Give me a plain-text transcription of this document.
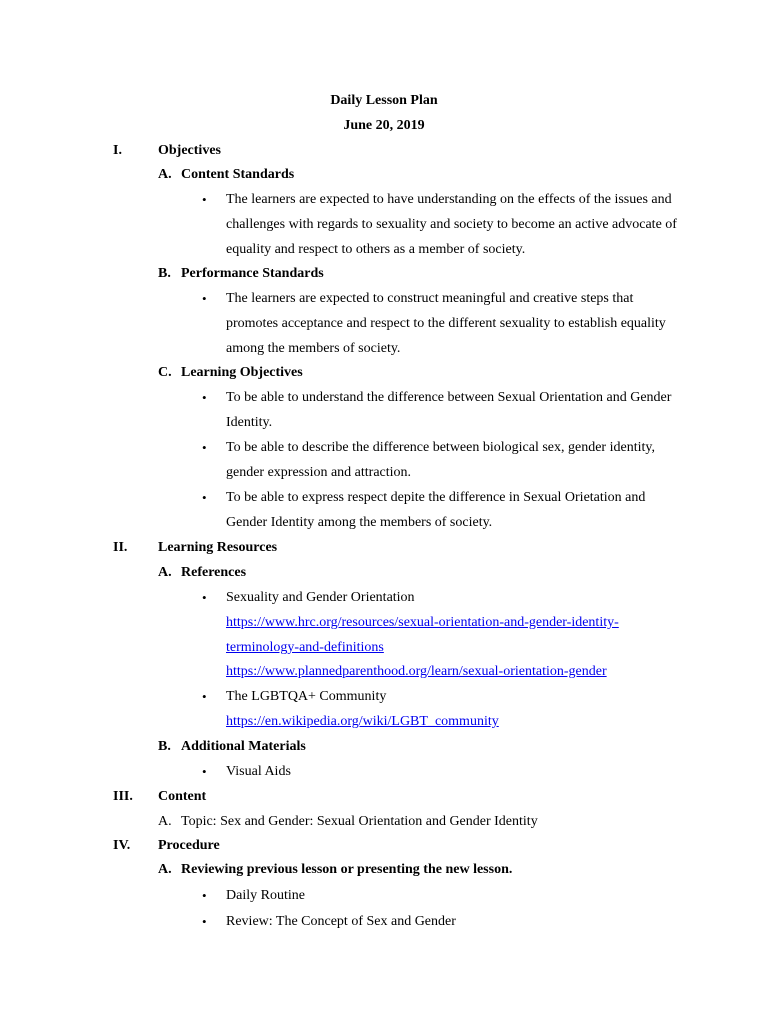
Daily Lesson Plan
June 20, 2019
I.	Objectives
A. Content Standards
• The learners are expected to have understanding on the effects of the issues and
challenges with regards to sexuality and society to become an active advocate of
equality and respect to others as a member of society.
B. Performance Standards
• The learners are expected to construct meaningful and creative steps that
promotes acceptance and respect to the different sexuality to establish equality
among the members of society.
C. Learning Objectives
• To be able to understand the difference between Sexual Orientation and Gender
Identity.
• To be able to describe the difference between biological sex, gender identity,
gender expression and attraction.
• To be able to express respect depite the difference in Sexual Orietation and
Gender Identity among the members of society.
II. Learning Resources
A. References
• Sexuality and Gender Orientation
https://www.hrc.org/resources/sexual-orientation-and-gender-identity-
terminology-and-definitions
https://www.plannedparenthood.org/learn/sexual-orientation-gender
• The LGBTQA+ Community
https://en.wikipedia.org/wiki/LGBT_community
B. Additional Materials
• Visual Aids
III. Content
A. Topic: Sex and Gender: Sexual Orientation and Gender Identity
IV. Procedure
A. Reviewing previous lesson or presenting the new lesson.
• Daily Routine
• Review: The Concept of Sex and Gender
